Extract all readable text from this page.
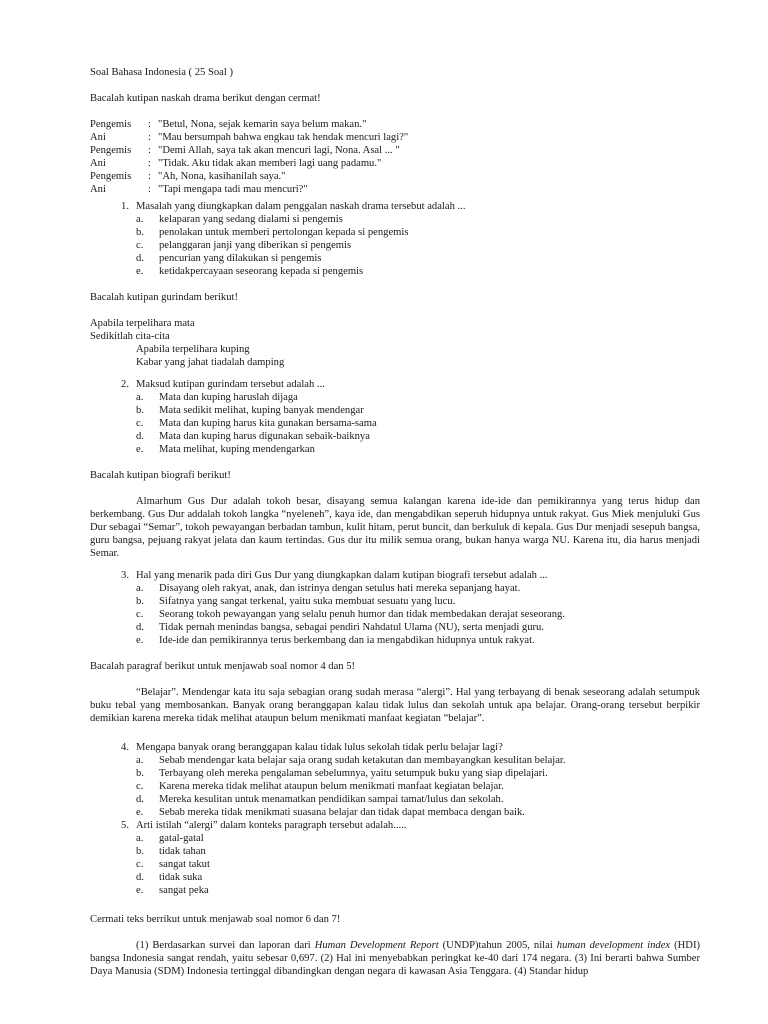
Soal Bahasa Indonesia ( 25 Soal )

Bacalah kutipan naskah drama berikut dengan cermat!

Pengemis	: "Betul, Nona, sejak kemarin saya belum makan."
Ani	: "Mau bersumpah bahwa engkau tak hendak mencuri lagi?"
Pengemis	: "Demi Allah, saya tak akan mencuri lagi, Nona. Asal ... "
Ani	: "Tidak. Aku tidak akan memberi lagi uang padamu."
Pengemis	: "Ah, Nona, kasihanilah saya."
Ani	: "Tapi mengapa tadi mau mencuri?"
1. Masalah yang diungkapkan dalam penggalan naskah drama tersebut adalah ...
a.	kelaparan yang sedang dialami si pengemis
b.	penolakan untuk memberi pertolongan kepada si pengemis
c.	pelanggaran janji yang diberikan si pengemis
d.	pencurian yang dilakukan si pengemis
e.	ketidakpercayaan seseorang kepada si pengemis

Bacalah kutipan gurindam berikut!

Apabila terpelihara mata

Sedikitlah cita-cita

Apabila terpelihara kuping

Kabar yang jahat tiadalah damping

2. Maksud kutipan gurindam tersebut adalah ...
a.	Mata dan kuping haruslah dijaga
b.	Mata sedikit melihat, kuping banyak mendengar
c.	Mata dan kuping harus kita gunakan bersama-sama
d.	Mata dan kuping harus digunakan sebaik-baiknya
e.	Mata melihat, kuping mendengarkan

Bacalah kutipan biografi berikut!

Almarhum Gus Dur adalah tokoh besar, disayang semua kalangan karena ide-ide dan pemikirannya yang terus hidup dan berkembang. Gus Dur addalah tokoh langka “nyeleneh”, kaya ide, dan mengabdikan seperuh hidupnya untuk rakyat. Gus Miek menjuluki Gus Dur sebagai “Semar”, tokoh pewayangan berbadan tambun, kulit hitam, perut buncit, dan berkuluk di kepala. Gus Dur menjadi sesepuh bangsa, guru bangsa, pejuang rakyat jelata dan kaum tertindas. Gus dur itu milik semua orang, bukan hanya warga NU. Karena itu, dia harus menjadi Semar.

3. Hal yang menarik pada diri Gus Dur yang diungkapkan dalam kutipan biografi tersebut adalah ...
a.	Disayang oleh rakyat, anak, dan istrinya dengan setulus hati mereka sepanjang hayat.
b.	Sifatnya yang sangat terkenal, yaitu suka membuat sesuatu yang lucu.
c.	Seorang tokoh pewayangan yang selalu penuh humor dan tidak membedakan derajat seseorang.
d.	Tidak pernah menindas bangsa, sebagai pendiri Nahdatul Ulama (NU), serta menjadi guru.
e.	Ide-ide dan pemikirannya terus berkembang dan ia mengabdikan hidupnya untuk rakyat.

Bacalah paragraf berikut untuk menjawab soal nomor 4 dan 5!

“Belajar”. Mendengar kata itu saja sebagian orang sudah merasa “alergi”. Hal yang terbayang di benak seseorang adalah setumpuk buku tebal yang membosankan. Banyak orang beranggapan kalau tidak lulus dan sekolah untuk apa belajar. Orang-orang tersebut berpikir demikian karena mereka tidak melihat ataupun belum menikmati manfaat kegiatan “belajar”.

4. Mengapa banyak orang beranggapan kalau tidak lulus sekolah tidak perlu belajar lagi?
a.	Sebab mendengar kata belajar saja orang sudah ketakutan dan membayangkan kesulitan belajar.
b.	Terbayang oleh mereka pengalaman sebelumnya, yaitu setumpuk buku yang siap dipelajari.
c.	Karena mereka tidak melihat ataupun belum menikmati manfaat kegiatan belajar.
d.	Mereka kesulitan untuk menamatkan pendidikan sampai tamat/lulus dan sekolah.
e.	Sebab mereka tidak menikmati suasana belajar dan tidak dapat membaca dengan baik.
5. Arti istilah “alergi” dalam konteks paragraph tersebut adalah.....
a.	gatal-gatal
b.	tidak tahan
c.	sangat takut
d.	tidak suka
e.	sangat peka

Cermati teks berrikut untuk menjawab soal nomor 6 dan 7!

(1) Berdasarkan survei dan laporan dari Human Development Report (UNDP)tahun 2005, nilai human development index (HDI) bangsa Indonesia sangat rendah, yaitu sebesar 0,697. (2) Hal ini menyebabkan peringkat ke-40 dari 174 negara. (3) Ini berarti bahwa Sumber Daya Manusia (SDM) Indonesia tertinggal dibandingkan dengan negara di kawasan Asia Tenggara. (4) Standar hidup
